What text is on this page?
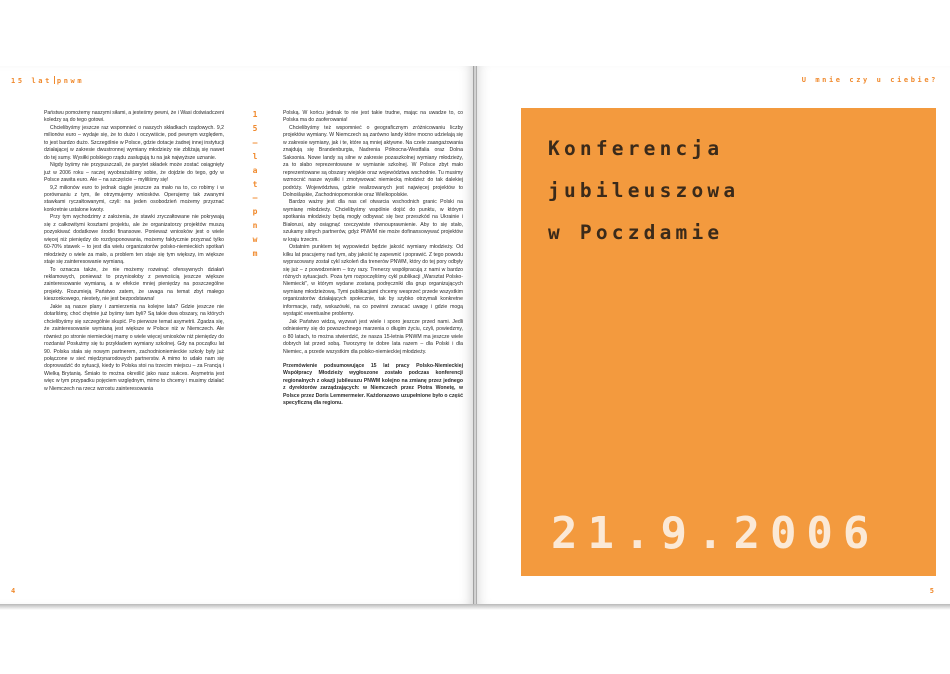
15 lat pnwm

Państwu pomożemy naszymi siłami, a jesteśmy pewni, że i Wasi doświadczeni koledzy są do tego gotowi.

Chcielibyśmy jeszcze raz wspomnieć o naszych składkach rządowych. 9,2 milionów euro – wydaje się, że to dużo i oczywiście, pod pewnym względem, to jest bardzo dużo. Szczególnie w Polsce, gdzie dotacje żadnej innej instytucji działającej w zakresie dwustronnej wymiany młodzieży nie zbliżają się nawet do tej sumy. Wysiłki polskiego rządu zasługują tu na jak najwyższe uznanie.

Nigdy byśmy nie przypuszczali, że parytet składek może zostać osiągnięty już w 2006 roku – raczej wyobrażaliśmy sobie, że dojdzie do tego, gdy w Polsce zawita euro. Ale – na szczęście – myliliśmy się!

9,2 milionów euro to jednak ciągle jeszcze za mało na to, co robimy i w porównaniu z tym, ile otrzymujemy wniosków. Operujemy tak zwanymi stawkami ryczałtowanymi, czyli: na jeden osobodzień możemy przyznać konkretnie ustalone kwoty.

Przy tym wychodzimy z założenia, że stawki zryczałtowane nie pokrywają się z całkowitymi kosztami projektu, ale że organizatorzy projektów muszą pozyskiwać dodatkowe środki finansowe. Ponieważ wniosków jest o wiele więcej niż pieniędzy do rozdysponowania, możemy faktycznie przyznać tylko 60-70% stawek – to jest dla wielu organizatorów polsko-niemieckich spotkań młodzieży o wiele za mało, a problem ten staje się tym większy, im większe staje się zainteresowanie wymianą.

To oznacza także, że nie możemy rozwinąć ofensywnych działań reklamowych, ponieważ to przyniosłoby z pewnością jeszcze większe zainteresowanie wymianą, a w efekcie mniej pieniędzy na poszczególne projekty. Rozumieją Państwo zatem, że uwaga na temat zbyt małego kieszonkowego, niestety, nie jest bezpodstawna!

Jakie są nasze plany i zamierzenia na kolejne lata? Gdzie jeszcze nie dotarliśmy, choć chętnie już byśmy tam byli? Są takie dwa obszary, na których chcielibyśmy się szczególnie skupić. Po pierwsze temat asymetrii. Zgadza się, że zainteresowanie wymianą jest większe w Polsce niż w Niemczech. Ale również po stronie niemieckiej mamy o wiele więcej wniosków niż pieniędzy do rozdania! Posłużmy się tu przykładem wymiany szkolnej. Gdy na początku lat 90. Polska stała się nowym partnerem, zachodnioniemieckie szkoły były już połączone w sieć międzynarodowych partnerstw. A mimo to udało nam się doprowadzić do sytuacji, kiedy to Polska stoi na trzecim miejscu – za Francją i Wielką Brytanią. Śmiało to można określić jako nasz sukces. Asymetria jest więc w tym przypadku pojęciem względnym, mimo to chcemy i musimy działać w Niemczech na rzecz wzrostu zainteresowania

1
5
–
l
a
t
–
p
n
w
m

Polską. W końcu jednak to nie jest takie trudne, mając na uwadze to, co Polska ma do zaoferowania!

Chcielibyśmy też wspomnieć o geograficznym zróżnicowaniu liczby projektów wymiany. W Niemczech są zarówno landy które mocno udzielają się w zakresie wymiany, jak i te, które są mniej aktywne. Na czele zaangażowania znajdują się Brandenburgia, Nadrenia Północna-Westfalia oraz Dolna Saksonia. Nowe landy są silne w zakresie pozaszkolnej wymiany młodzieży, za to słabo reprezentowane w wymianie szkolnej. W Polsce zbyt mało reprezentowane są obszary wiejskie oraz województwa wschodnie. Tu musimy wzmocnić nasze wysiłki i zmotywować niemiecką młodzież do tak dalekiej podróży. Województwa, gdzie realizowanych jest najwięcej projektów to Dolnośląskie, Zachodniopomorskie oraz Wielkopolskie.

Bardzo ważny jest dla nas cel otwarcia wschodnich granic Polski na wymianę młodzieży. Chcielibyśmy wspólnie dojść do punktu, w którym spotkania młodzieży będą mogły odbywać się bez przeszkód na Ukrainie i Białorusi, aby osiągnąć rzeczywiste równouprawnienie. Aby to się stało, szukamy silnych partnerów, gdyż PNWM nie może dofinansowywać projektów w kraju trzecim.

Ostatnim punktem tej wypowiedzi będzie jakość wymiany młodzieży. Od kilku lat pracujemy nad tym, aby jakość tę zapewnić i poprawić. Z tego powodu wypracowany został cykl szkoleń dla trenerów PNWM, który do tej pory odbyły się już – z powodzeniem – trzy razy. Trenerzy współpracują z nami w bardzo różnych sytuacjach. Poza tym rozpoczęliśmy cykl publikacji „Warsztat Polsko-Niemiecki", w którym wydane zostaną podręczniki dla grup organizujących wymianę młodzieżową. Tymi publikacjami chcemy wesprzeć przede wszystkim organizatorów działających społecznie, tak by szybko otrzymali konkretne informacje, rady, wskazówki, na co powinni zwracać uwagę i gdzie mogą wystąpić ewentualne problemy.

Jak Państwo widzą, wyzwań jest wiele i sporo jeszcze przed nami. Jedli odniesiemy się do powszechnego marzenia o długim życiu, czyli, powiedzmy, o 80 latach, to można stwierdzić, że nasza 15-letnia PNWM ma jeszcze wiele dobrych lat przed sobą. Tworzymy te dobre lata razem – dla Polski i dla Niemiec, a przede wszystkim dla polsko-niemieckiej młodzieży.

Przemówienie podsumowujące 15 lat pracy Polsko-Niemieckiej Współpracy Młodzieży wygłoszone zostało podczas konferencji regionalnych z okazji jubileuszu PNWM kolejno na zmianę przez jednego z dyrektorów zarządzających: w Niemczech przez Piotra Wonetę, w Polsce przez Doris Lemmermeier. Każdorazowo uzupełnione było o część specyficzną dla regionu.

4
U mnie czy u ciebie?
Konferencja
jubileuszowa
w Poczdamie
21.9.2006
5
